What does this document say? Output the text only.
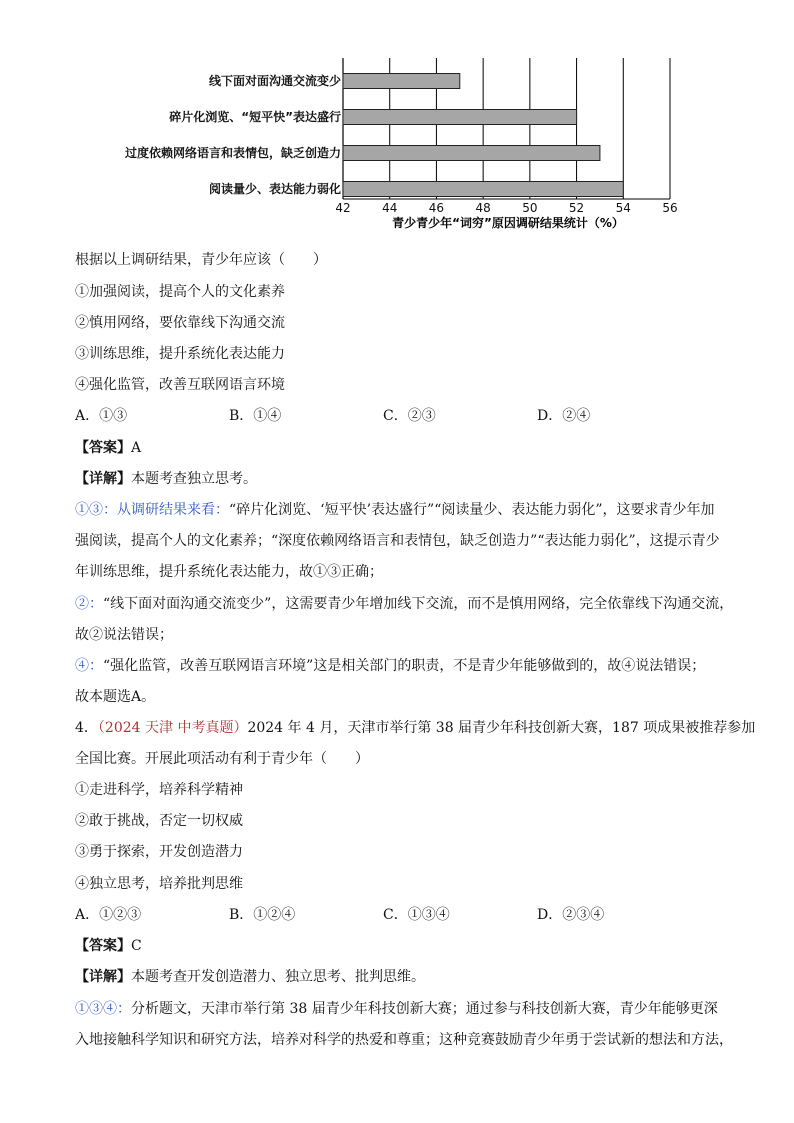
线下面对面沟通交流变少
碎片化浏览、“短平快”表达盛行
过度依赖网络语言和表情包，缺乏创造力
阅读量少、表达能力弱化
42	44	46	48	50	52	54	56
青少青少年“词穷”原因调研结果统计（%）
根据以上调研结果，青少年应该（　　）
①加强阅读，提高个人的文化素养
②慎用网络，要依靠线下沟通交流
③训练思维，提升系统化表达能力
④强化监管，改善互联网语言环境
A．①③	B．①④	C．②③	D．②④
【答案】A
【详解】本题考查独立思考。
①③：从调研结果来看：“碎片化浏览、‘短平快’表达盛行”“阅读量少、表达能力弱化”，这要求青少年加
强阅读，提高个人的文化素养；“深度依赖网络语言和表情包，缺乏创造力”“表达能力弱化”，这提示青少
年训练思维，提升系统化表达能力，故①③正确；
②：“线下面对面沟通交流变少”，这需要青少年增加线下交流，而不是慎用网络，完全依靠线下沟通交流，
故②说法错误；
④：“强化监管，改善互联网语言环境”这是相关部门的职责，不是青少年能够做到的，故④说法错误；
故本题选A。
4．（2024 天津 中考真题）2024 年 4 月，天津市举行第 38 届青少年科技创新大赛，187 项成果被推荐参加
全国比赛。开展此项活动有利于青少年（　　）
①走进科学，培养科学精神
②敢于挑战，否定一切权威
③勇于探索，开发创造潜力
④独立思考，培养批判思维
A．①②③	B．①②④	C．①③④	D．②③④
【答案】C
【详解】本题考查开发创造潜力、独立思考、批判思维。
①③④：分析题文，天津市举行第 38 届青少年科技创新大赛；通过参与科技创新大赛，青少年能够更深
入地接触科学知识和研究方法，培养对科学的热爱和尊重；这种竞赛鼓励青少年勇于尝试新的想法和方法，
